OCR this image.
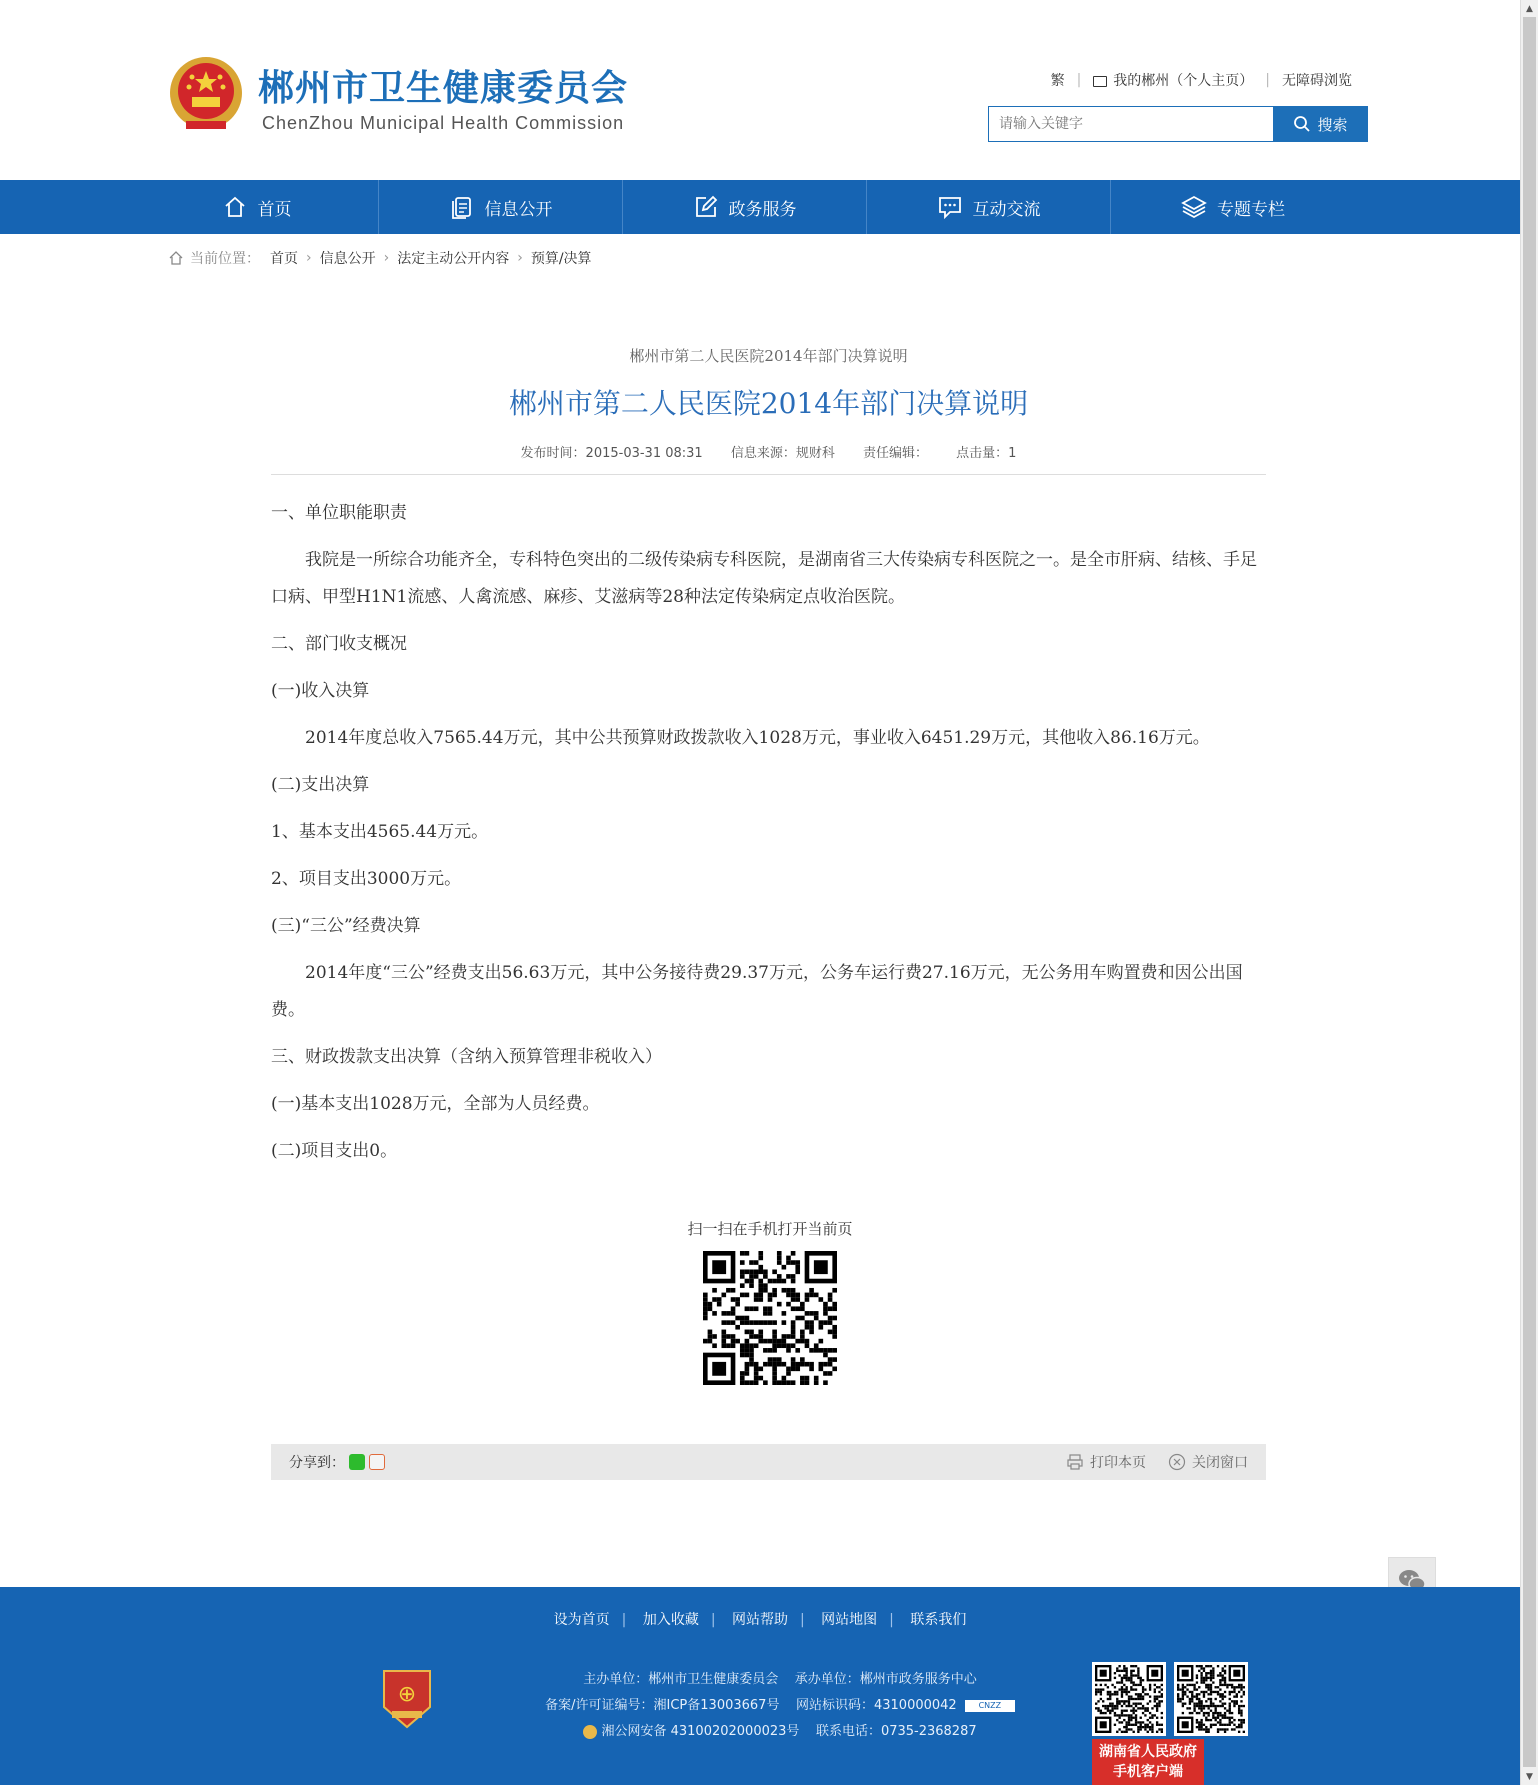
郴州市卫生健康委员会
ChenZhou Municipal Health Commission
繁 | 我的郴州（个人主页） | 无障碍浏览
请输入关键字
搜索
首页	信息公开	政务服务	互动交流	专题专栏
当前位置： 首页 › 信息公开 › 法定主动公开内容 › 预算/决算
郴州市第二人民医院2014年部门决算说明
郴州市第二人民医院2014年部门决算说明
发布时间：2015-03-31 08:31 信息来源：规财科 责任编辑： 点击量：1

一、单位职能职责

我院是一所综合功能齐全，专科特色突出的二级传染病专科医院，是湖南省三大传染病专科医院之一。是全市肝病、结核、手足口病、甲型H1N1流感、人禽流感、麻疹、艾滋病等28种法定传染病定点收治医院。

二、部门收支概况

(一)收入决算

2014年度总收入7565.44万元，其中公共预算财政拨款收入1028万元，事业收入6451.29万元，其他收入86.16万元。

(二)支出决算

1、基本支出4565.44万元。

2、项目支出3000万元。

(三)“三公”经费决算

2014年度“三公”经费支出56.63万元，其中公务接待费29.37万元，公务车运行费27.16万元，无公务用车购置费和因公出国费。

三、财政拨款支出决算（含纳入预算管理非税收入）

(一)基本支出1028万元，全部为人员经费。

(二)项目支出0。

扫一扫在手机打开当前页
分享到：	打印本页	关闭窗口
设为首页 | 加入收藏 | 网站帮助 | 网站地图 | 联系我们
⊕
主办单位：郴州市卫生健康委员会 承办单位：郴州市政务服务中心
备案/许可证编号：湘ICP备13003667号 网站标识码：4310000042	CNZZ
湘公网安备 43100202000023号 联系电话：0735-2368287
湖南省人民政府
手机客户端
▲
▼
